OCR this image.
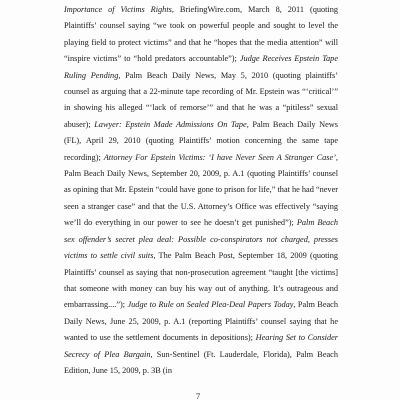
Importance of Victims Rights, BriefingWire.com, March 8, 2011 (quoting Plaintiffs’ counsel saying “we took on powerful people and sought to level the playing field to protect victims” and that he “hopes that the media attention” will “inspire victims” to “hold predators accountable”); Judge Receives Epstein Tape Ruling Pending, Palm Beach Daily News, May 5, 2010 (quoting plaintiffs’ counsel as arguing that a 22-minute tape recording of Mr. Epstein was “‘critical’” in showing his alleged “‘lack of remorse’” and that he was a “pitiless” sexual abuser); Lawyer: Epstein Made Admissions On Tape, Palm Beach Daily News (FL), April 29, 2010 (quoting Plaintiffs’ motion concerning the same tape recording); Attorney For Epstein Victims: ‘I have Never Seen A Stranger Case’, Palm Beach Daily News, September 20, 2009, p. A.1 (quoting Plaintiffs’ counsel as opining that Mr. Epstein “could have gone to prison for life,” that he had “never seen a stranger case” and that the U.S. Attorney’s Office was effectively “saying we’ll do everything in our power to see he doesn’t get punished”); Palm Beach sex offender’s secret plea deal: Possible co-conspirators not charged, presses victims to settle civil suits, The Palm Beach Post, September 18, 2009 (quoting Plaintiffs’ counsel as saying that non-prosecution agreement “taught [the victims] that someone with money can buy his way out of anything. It’s outrageous and embarrassing....”); Judge to Rule on Sealed Plea-Deal Papers Today, Palm Beach Daily News, June 25, 2009, p. A.1 (reporting Plaintiffs’ counsel saying that he wanted to use the settlement documents in depositions); Hearing Set to Consider Secrecy of Plea Bargain, Sun-Sentinel (Ft. Lauderdale, Florida), Palm Beach Edition, June 15, 2009, p. 3B (in
7
